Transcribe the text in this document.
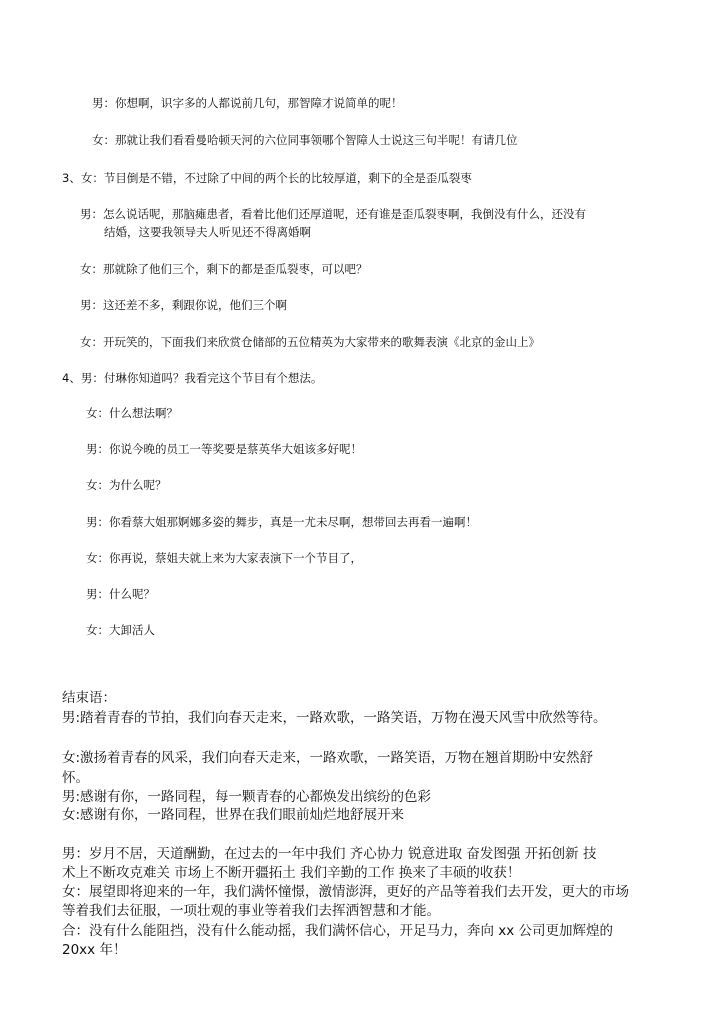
男：你想啊，识字多的人都说前几句，那智障才说简单的呢！
女：那就让我们看看曼哈顿天河的六位同事领哪个智障人士说这三句半呢！有请几位
3、女：节目倒是不错，不过除了中间的两个长的比较厚道，剩下的全是歪瓜裂枣
男：怎么说话呢，那脑瘫患者，看着比他们还厚道呢，还有谁是歪瓜裂枣啊，我倒没有什么，还没有
结婚，这要我领导夫人听见还不得离婚啊
女：那就除了他们三个，剩下的都是歪瓜裂枣，可以吧？
男：这还差不多，剩跟你说，他们三个啊
女：开玩笑的，下面我们来欣赏仓储部的五位精英为大家带来的歌舞表演《北京的金山上》
4、男：付琳你知道吗？我看完这个节目有个想法。
女：什么想法啊？
男：你说今晚的员工一等奖要是蔡英华大姐该多好呢！
女：为什么呢？
男：你看蔡大姐那婀娜多姿的舞步，真是一尤未尽啊，想带回去再看一遍啊！
女：你再说，蔡姐夫就上来为大家表演下一个节目了，
男：什么呢？
女：大卸活人
结束语：
男:踏着青春的节拍，我们向春天走来，一路欢歌，一路笑语，万物在漫天风雪中欣然等待。
女:激扬着青春的风采，我们向春天走来，一路欢歌，一路笑语，万物在翘首期盼中安然舒
怀。
男:感谢有你，一路同程，每一颗青春的心都焕发出缤纷的色彩
女:感谢有你，一路同程，世界在我们眼前灿烂地舒展开来
男：岁月不居，天道酬勤，在过去的一年中我们 齐心协力 锐意进取 奋发图强 开拓创新 技
术上不断攻克难关 市场上不断开疆拓土 我们辛勤的工作 换来了丰硕的收获！
女：展望即将迎来的一年，我们满怀憧憬，激情澎湃，更好的产品等着我们去开发，更大的市场
等着我们去征服，一项壮观的事业等着我们去挥洒智慧和才能。
合：没有什么能阻挡，没有什么能动摇，我们满怀信心，开足马力，奔向 xx 公司更加辉煌的
20xx 年！
